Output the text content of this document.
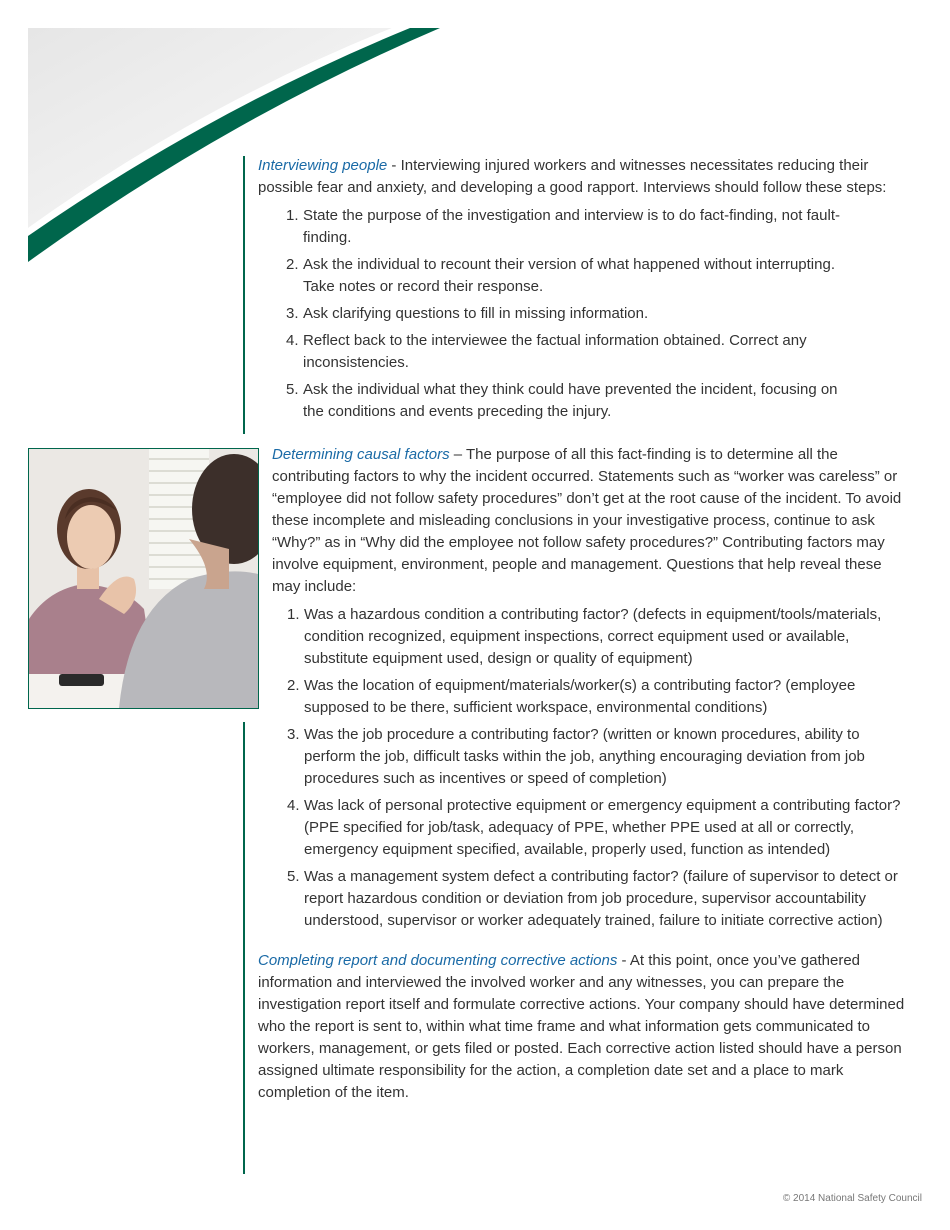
Interviewing people - Interviewing injured workers and witnesses necessitates reducing their possible fear and anxiety, and developing a good rapport. Interviews should follow these steps:

1. State the purpose of the investigation and interview is to do fact-finding, not fault-finding.
2. Ask the individual to recount their version of what happened without interrupting. Take notes or record their response.
3. Ask clarifying questions to fill in missing information.
4. Reflect back to the interviewee the factual information obtained. Correct any inconsistencies.
5. Ask the individual what they think could have prevented the incident, focusing on the conditions and events preceding the injury.

Determining causal factors – The purpose of all this fact-finding is to determine all the contributing factors to why the incident occurred. Statements such as “worker was careless” or “employee did not follow safety procedures” don’t get at the root cause of the incident. To avoid these incomplete and misleading conclusions in your investigative process, continue to ask “Why?” as in “Why did the employee not follow safety procedures?” Contributing factors may involve equipment, environment, people and management. Questions that help reveal these may include:

1. Was a hazardous condition a contributing factor? (defects in equipment/tools/materials, condition recognized, equipment inspections, correct equipment used or available, substitute equipment used, design or quality of equipment)
2. Was the location of equipment/materials/worker(s) a contributing factor? (employee supposed to be there, sufficient workspace, environmental conditions)
3. Was the job procedure a contributing factor? (written or known procedures, ability to perform the job, difficult tasks within the job, anything encouraging deviation from job procedures such as incentives or speed of completion)
4. Was lack of personal protective equipment or emergency equipment a contributing factor? (PPE specified for job/task, adequacy of PPE, whether PPE used at all or correctly, emergency equipment specified, available, properly used, function as intended)
5. Was a management system defect a contributing factor? (failure of supervisor to detect or report hazardous condition or deviation from job procedure, supervisor accountability understood, supervisor or worker adequately trained, failure to initiate corrective action)

Completing report and documenting corrective actions - At this point, once you’ve gathered information and interviewed the involved worker and any witnesses, you can prepare the investigation report itself and formulate corrective actions. Your company should have determined who the report is sent to, within what time frame and what information gets communicated to workers, management, or gets filed or posted. Each corrective action listed should have a person assigned ultimate responsibility for the action, a completion date set and a place to mark completion of the item.

© 2014 National Safety Council
